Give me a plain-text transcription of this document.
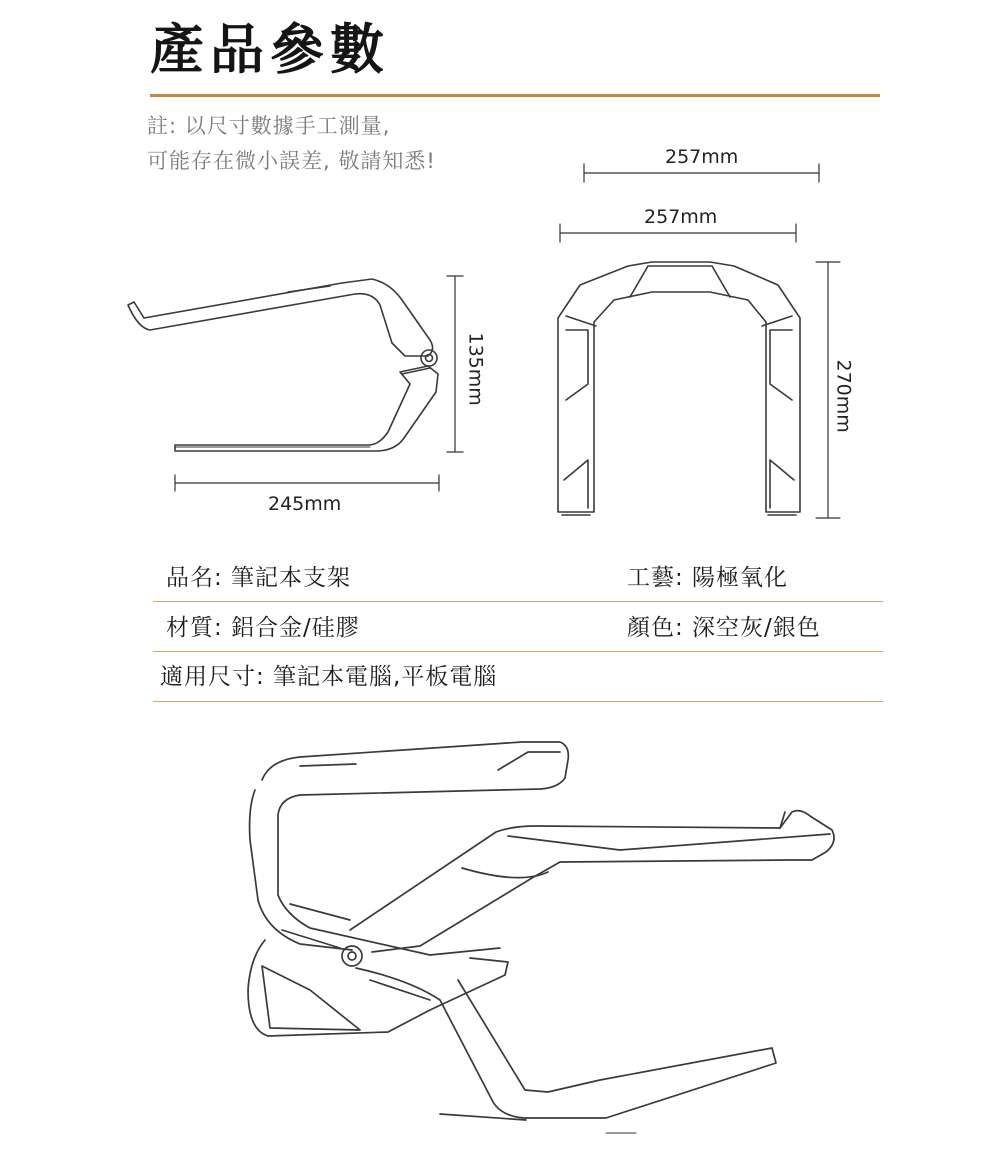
產品參數
註: 以尺寸數據手工測量,
可能存在微小誤差, 敬請知悉!
245mm
135mm
257mm
257mm
270mm
品名: 筆記本支架	工藝: 陽極氧化
材質: 鋁合金/硅膠	顏色: 深空灰/銀色
適用尺寸: 筆記本電腦,平板電腦
